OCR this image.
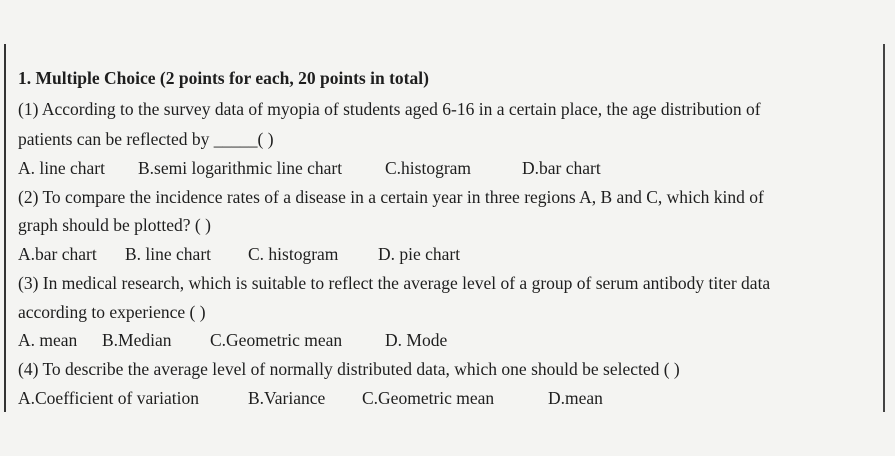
1. Multiple Choice (2 points for each, 20 points in total)
(1) According to the survey data of myopia of students aged 6-16 in a certain place, the age distribution of
patients can be reflected by _____( )
A. line chart B.semi logarithmic line chart C.histogram	D.bar chart
(2) To compare the incidence rates of a disease in a certain year in three regions A, B and C, which kind of
graph should be plotted? ( )
A.bar chart B. line chart C. histogram D. pie chart
(3) In medical research, which is suitable to reflect the average level of a group of serum antibody titer data
according to experience ( )
A. mean B.Median C.Geometric mean D. Mode
(4) To describe the average level of normally distributed data, which one should be selected ( )
A.Coefficient of variation	B.Variance C.Geometric mean	D.mean
